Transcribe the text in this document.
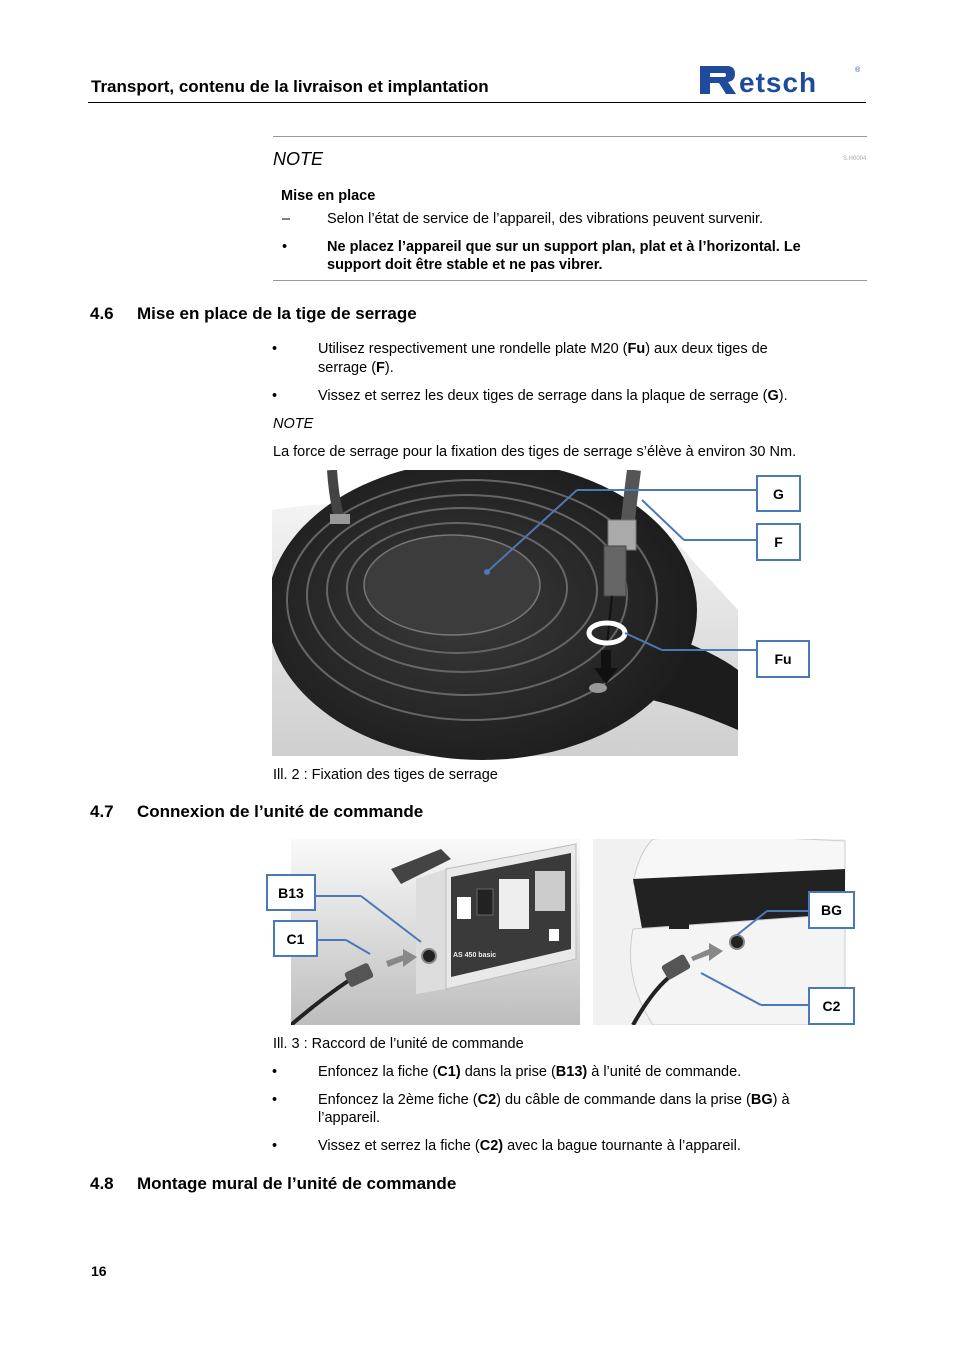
Transport, contenu de la livraison et implantation	etsch	®
NOTE	S.H0004
Mise en place
–	Selon l’état de service de l’appareil, des vibrations peuvent survenir.
•	Ne placez l’appareil que sur un support plan, plat et à l’horizontal. Le
support doit être stable et ne pas vibrer.
4.6 Mise en place de la tige de serrage
•	Utilisez respectivement une rondelle plate M20 (Fu) aux deux tiges de
serrage (F).
•	Vissez et serrez les deux tiges de serrage dans la plaque de serrage (G).
NOTE
La force de serrage pour la fixation des tiges de serrage s’élève à environ 30 Nm.
G
F
Fu
Ill. 2 : Fixation des tiges de serrage
4.7 Connexion de l’unité de commande
AS 450 basic
B13
C1
BG
C2
Ill. 3 : Raccord de l’unité de commande
•	Enfoncez la fiche (C1) dans la prise (B13) à l’unité de commande.
•	Enfoncez la 2ème fiche (C2) du câble de commande dans la prise (BG) à
l’appareil.
•	Vissez et serrez la fiche (C2) avec la bague tournante à l’appareil.
4.8 Montage mural de l’unité de commande
16
